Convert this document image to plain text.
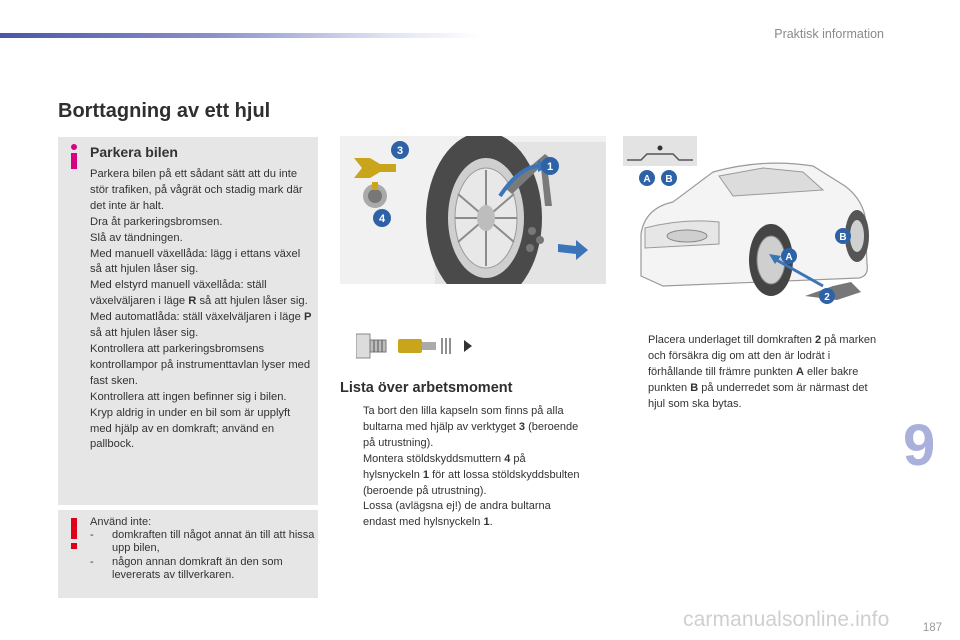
Praktisk information
Borttagning av ett hjul
Parkera bilen

Parkera bilen på ett sådant sätt att du inte stör trafiken, på vågrät och stadig mark där det inte är halt.

Dra åt parkeringsbromsen.

Slå av tändningen.

Med manuell växellåda: lägg i ettans växel så att hjulen låser sig.

Med elstyrd manuell växellåda: ställ växelväljaren i läge R så att hjulen låser sig.

Med automatlåda: ställ växelväljaren i läge P så att hjulen låser sig.

Kontrollera att parkeringsbromsens kontrollampor på instrumenttavlan lyser med fast sken.

Kontrollera att ingen befinner sig i bilen.

Kryp aldrig in under en bil som är upplyft med hjälp av en domkraft; använd en pallbock.

Använd inte:
- domkraften till något annat än till att hissa upp bilen,
- någon annan domkraft än den som levererats av tillverkaren.
3
4
1
A B
A
B
2
Lista över arbetsmoment
Ta bort den lilla kapseln som finns på alla bultarna med hjälp av verktyget 3 (beroende på utrustning).
Montera stöldskyddsmuttern 4 på hylsnyckeln 1 för att lossa stöldskyddsbulten (beroende på utrustning).
Lossa (avlägsna ej!) de andra bultarna endast med hylsnyckeln 1.
Placera underlaget till domkraften 2 på marken och försäkra dig om att den är lodrät i förhållande till främre punkten A eller bakre punkten B på underredet som är närmast det hjul som ska bytas.
9
carmanualsonline.info	187
